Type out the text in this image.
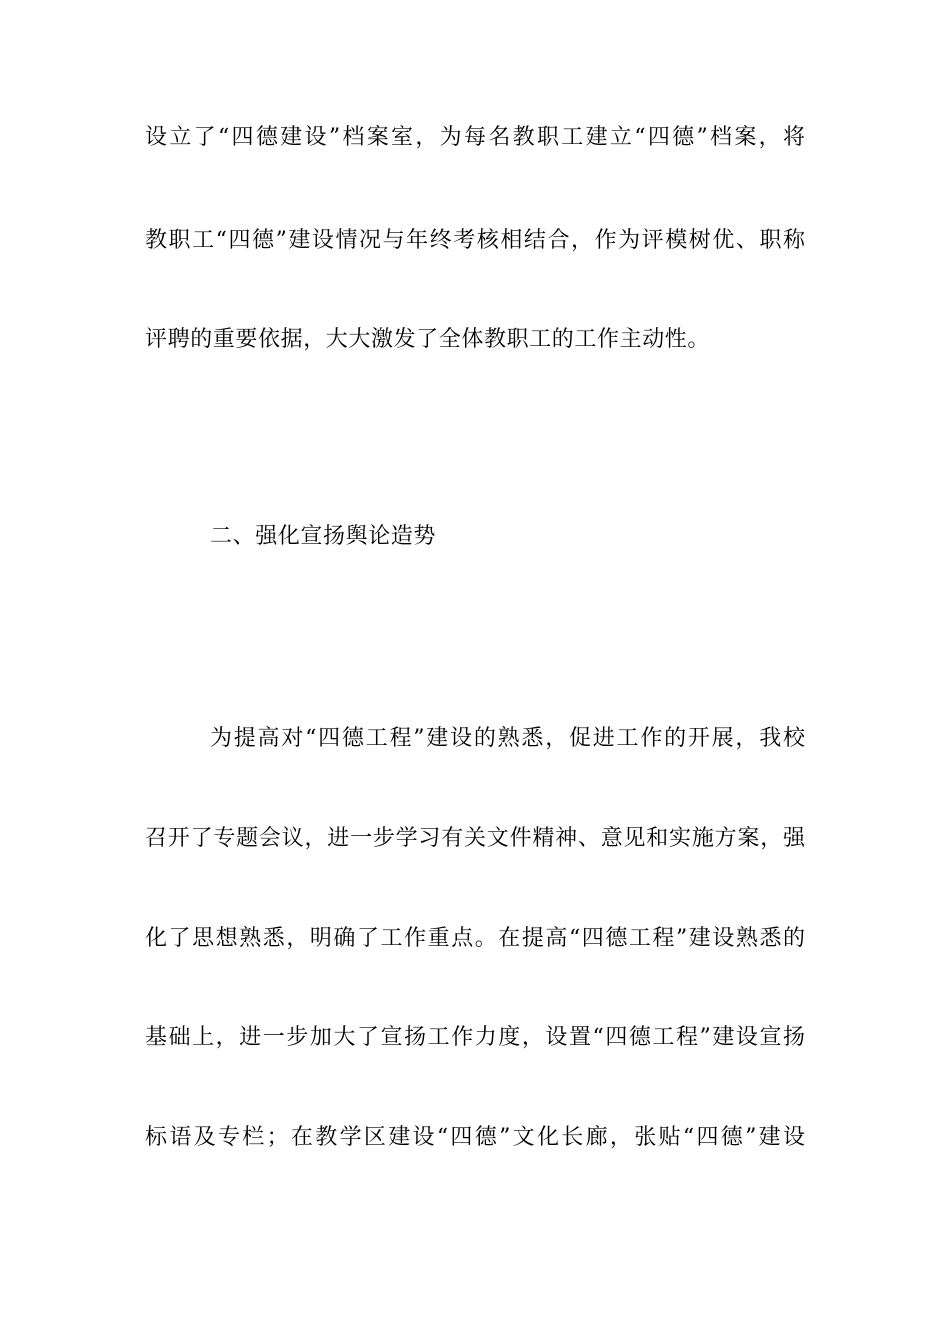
设立了“四德建设”档案室，为每名教职工建立“四德”档案，将
教职工“四德”建设情况与年终考核相结合，作为评模树优、职称
评聘的重要依据，大大激发了全体教职工的工作主动性。
二、强化宣扬舆论造势
为提高对“四德工程”建设的熟悉，促进工作的开展，我校
召开了专题会议，进一步学习有关文件精神、意见和实施方案，强
化了思想熟悉，明确了工作重点。在提高“四德工程”建设熟悉的
基础上，进一步加大了宣扬工作力度，设置“四德工程”建设宣扬
标语及专栏；在教学区建设“四德”文化长廊，张贴“四德”建设
